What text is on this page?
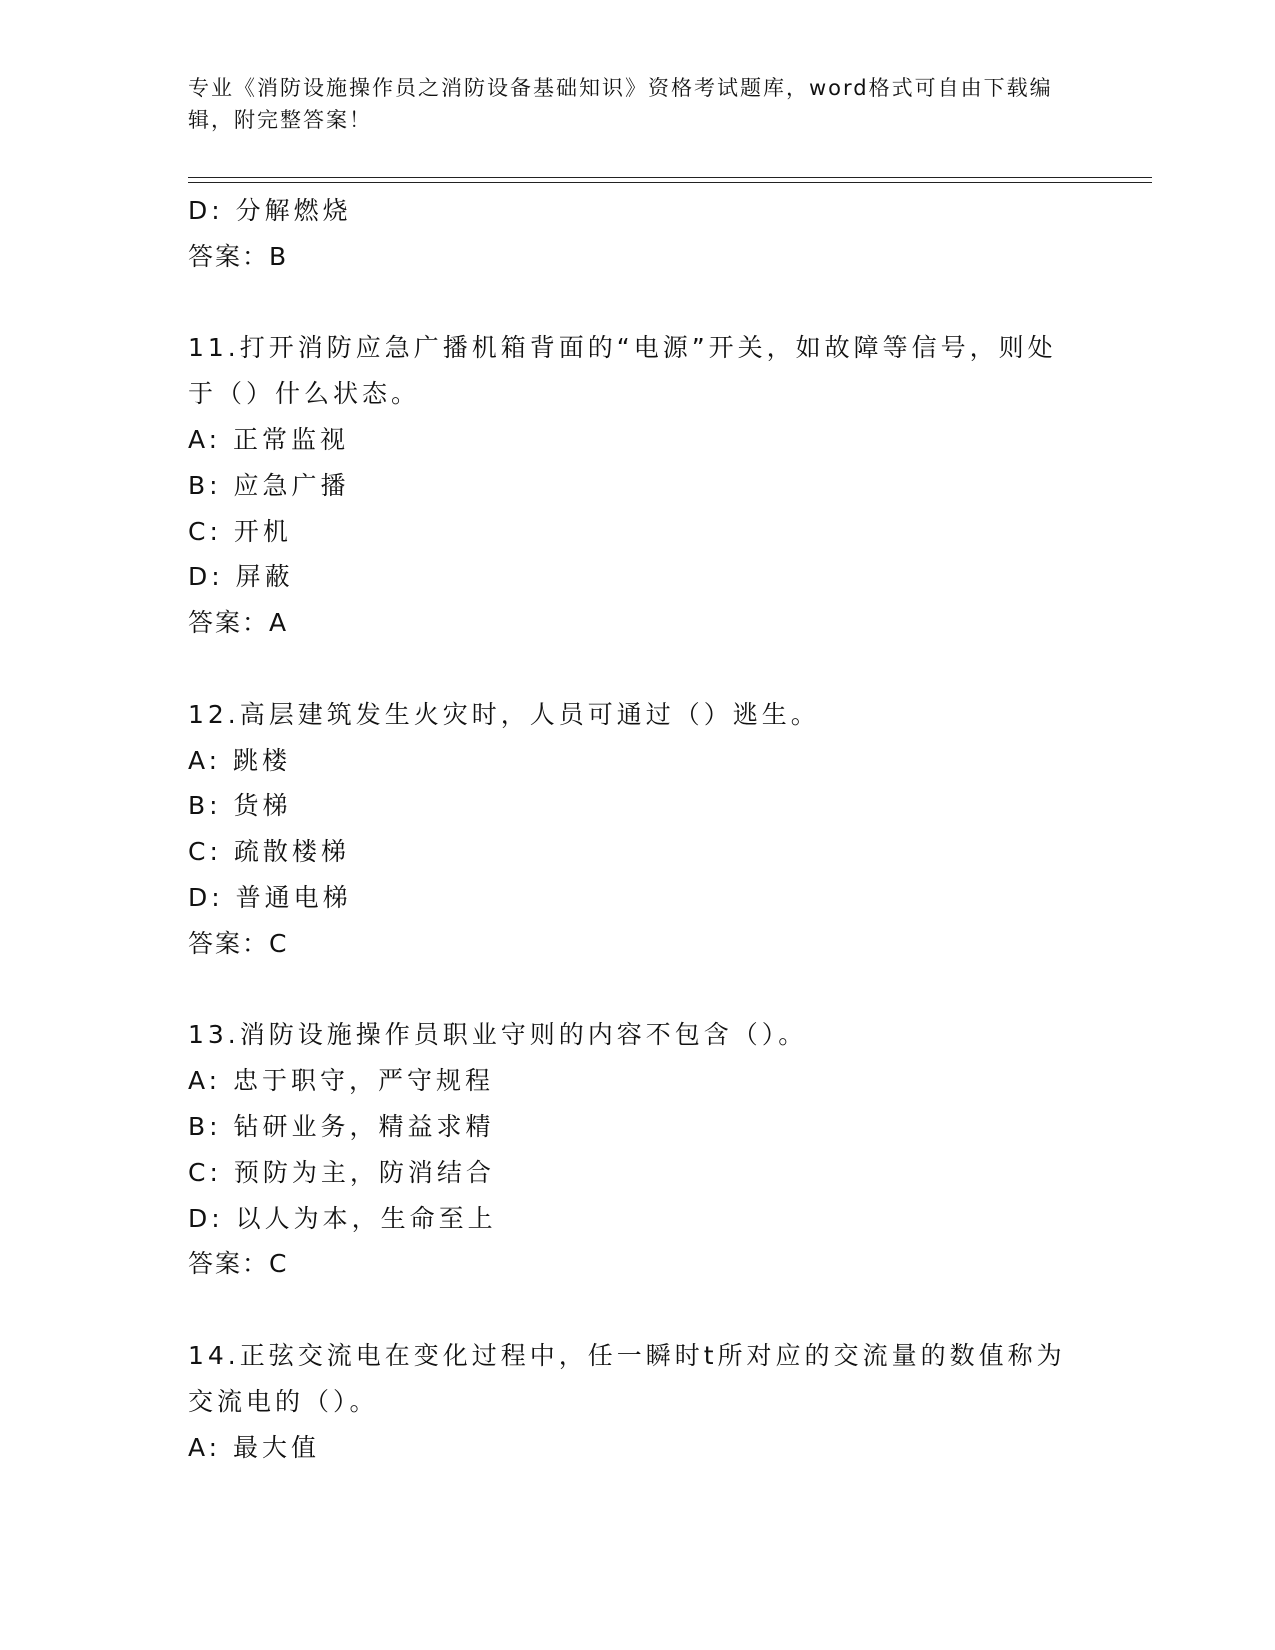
专业《消防设施操作员之消防设备基础知识》资格考试题库，word格式可自由下载编辑，附完整答案！
D: 分解燃烧
答案：B
11.打开消防应急广播机箱背面的“电源”开关，如故障等信号，则处
于（）什么状态。
A: 正常监视
B: 应急广播
C: 开机
D: 屏蔽
答案：A
12.高层建筑发生火灾时，人员可通过（）逃生。
A: 跳楼
B: 货梯
C: 疏散楼梯
D: 普通电梯
答案：C
13.消防设施操作员职业守则的内容不包含（）。
A: 忠于职守，严守规程
B: 钻研业务，精益求精
C: 预防为主，防消结合
D: 以人为本，生命至上
答案：C
14.正弦交流电在变化过程中，任一瞬时t所对应的交流量的数值称为
交流电的（）。
A: 最大值
